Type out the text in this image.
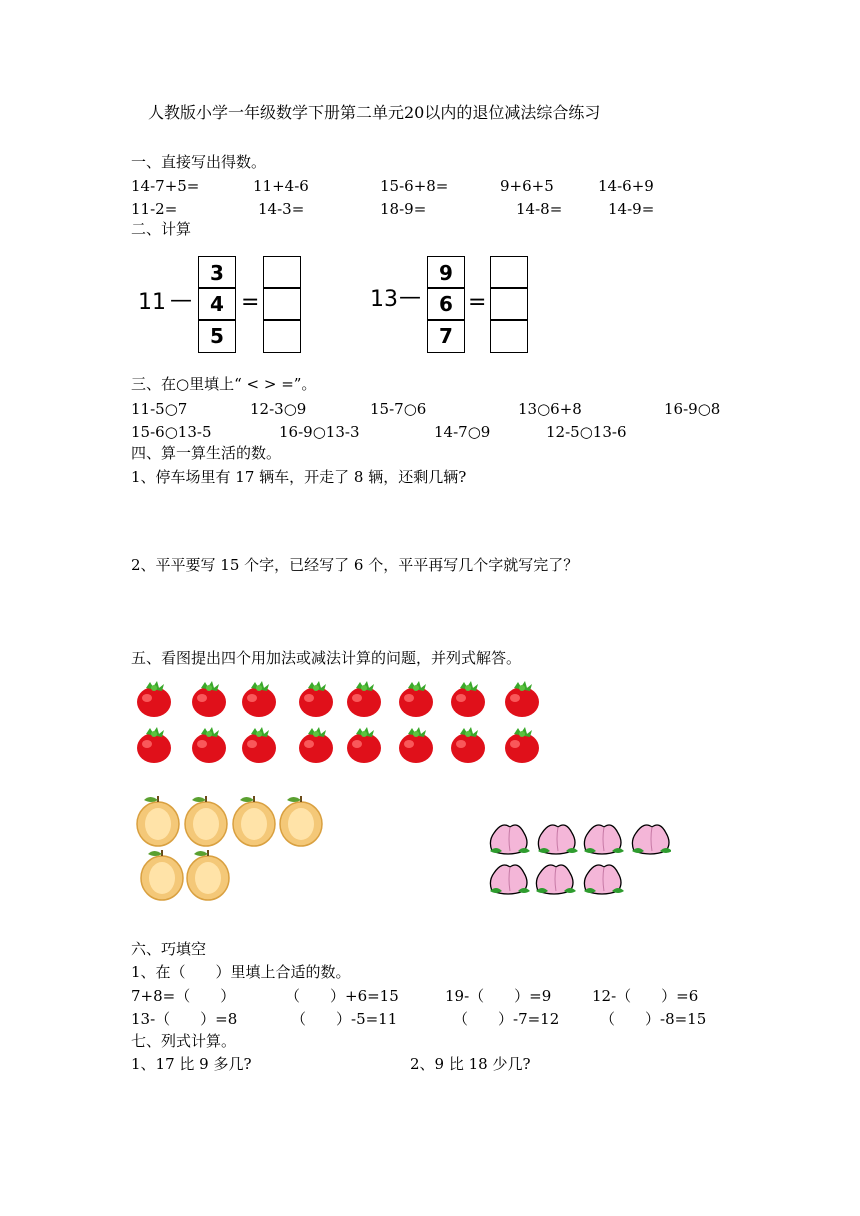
人教版小学一年级数学下册第二单元20以内的退位减法综合练习
一、直接写出得数。
14-7+5=	11+4-6	15-6+8=	9+6+5	14-6+9
11-2=	14-3=	18-9=	14-8=	14-9=
二、计算
11 —
3
4
5
=	13 —
9
6
7
=
三、在○里填上“ < > =”。
11-5○7	12-3○9	15-7○6	13○6+8	16-9○8
15-6○13-5	16-9○13-3	14-7○9	12-5○13-6
四、算一算生活的数。
1、停车场里有 17 辆车，开走了 8 辆，还剩几辆?
2、平平要写 15 个字，已经写了 6 个，平平再写几个字就写完了？
五、看图提出四个用加法或减法计算的问题，并列式解答。
六、巧填空
1、在（　　）里填上合适的数。
7+8=（　　）	（　　）+6=15	19-（　　）=9	12-（　　）=6
13-（　　）=8	（　　）-5=11	（　　）-7=12	（　　）-8=15
七、列式计算。
1、17 比 9 多几?	2、9 比 18 少几?
